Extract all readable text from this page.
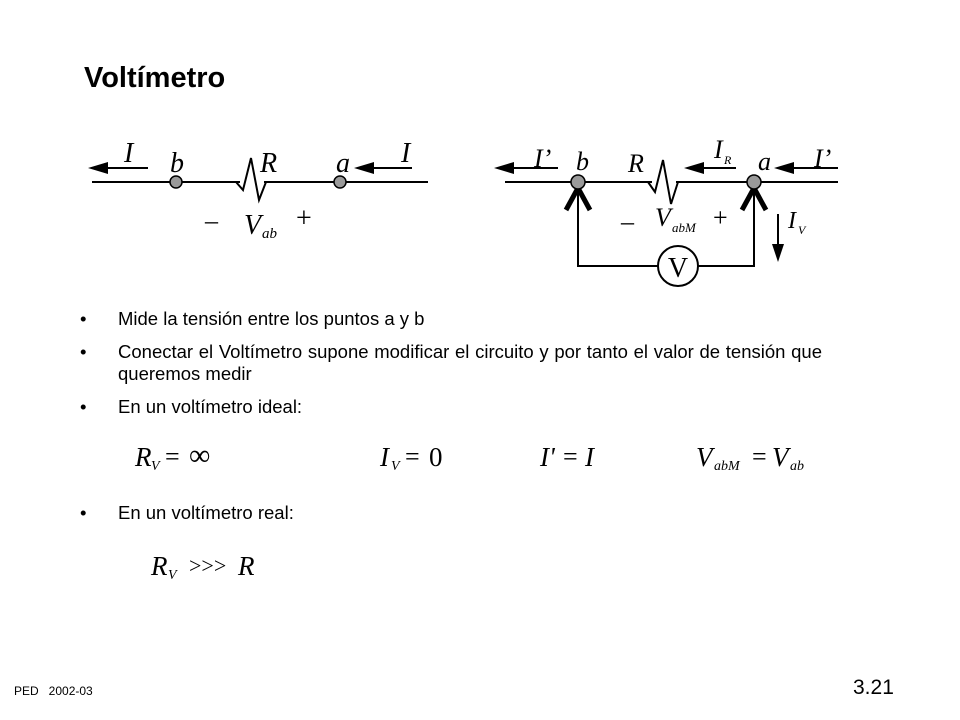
Voltímetro
I	I
b	a
R
– V ab +
V
I’	I’
b	a
R	I R
– V abM +	I V
R V = ∞	I V = 0	I' = I	V abM = V ab
R V >>> R
• Mide la tensión entre los puntos a y b
• Conectar el Voltímetro supone modificar el circuito y por tanto el valor de tensión que queremos medir
• En un voltímetro ideal:
• En un voltímetro real:
PED   2002-03	3.21
